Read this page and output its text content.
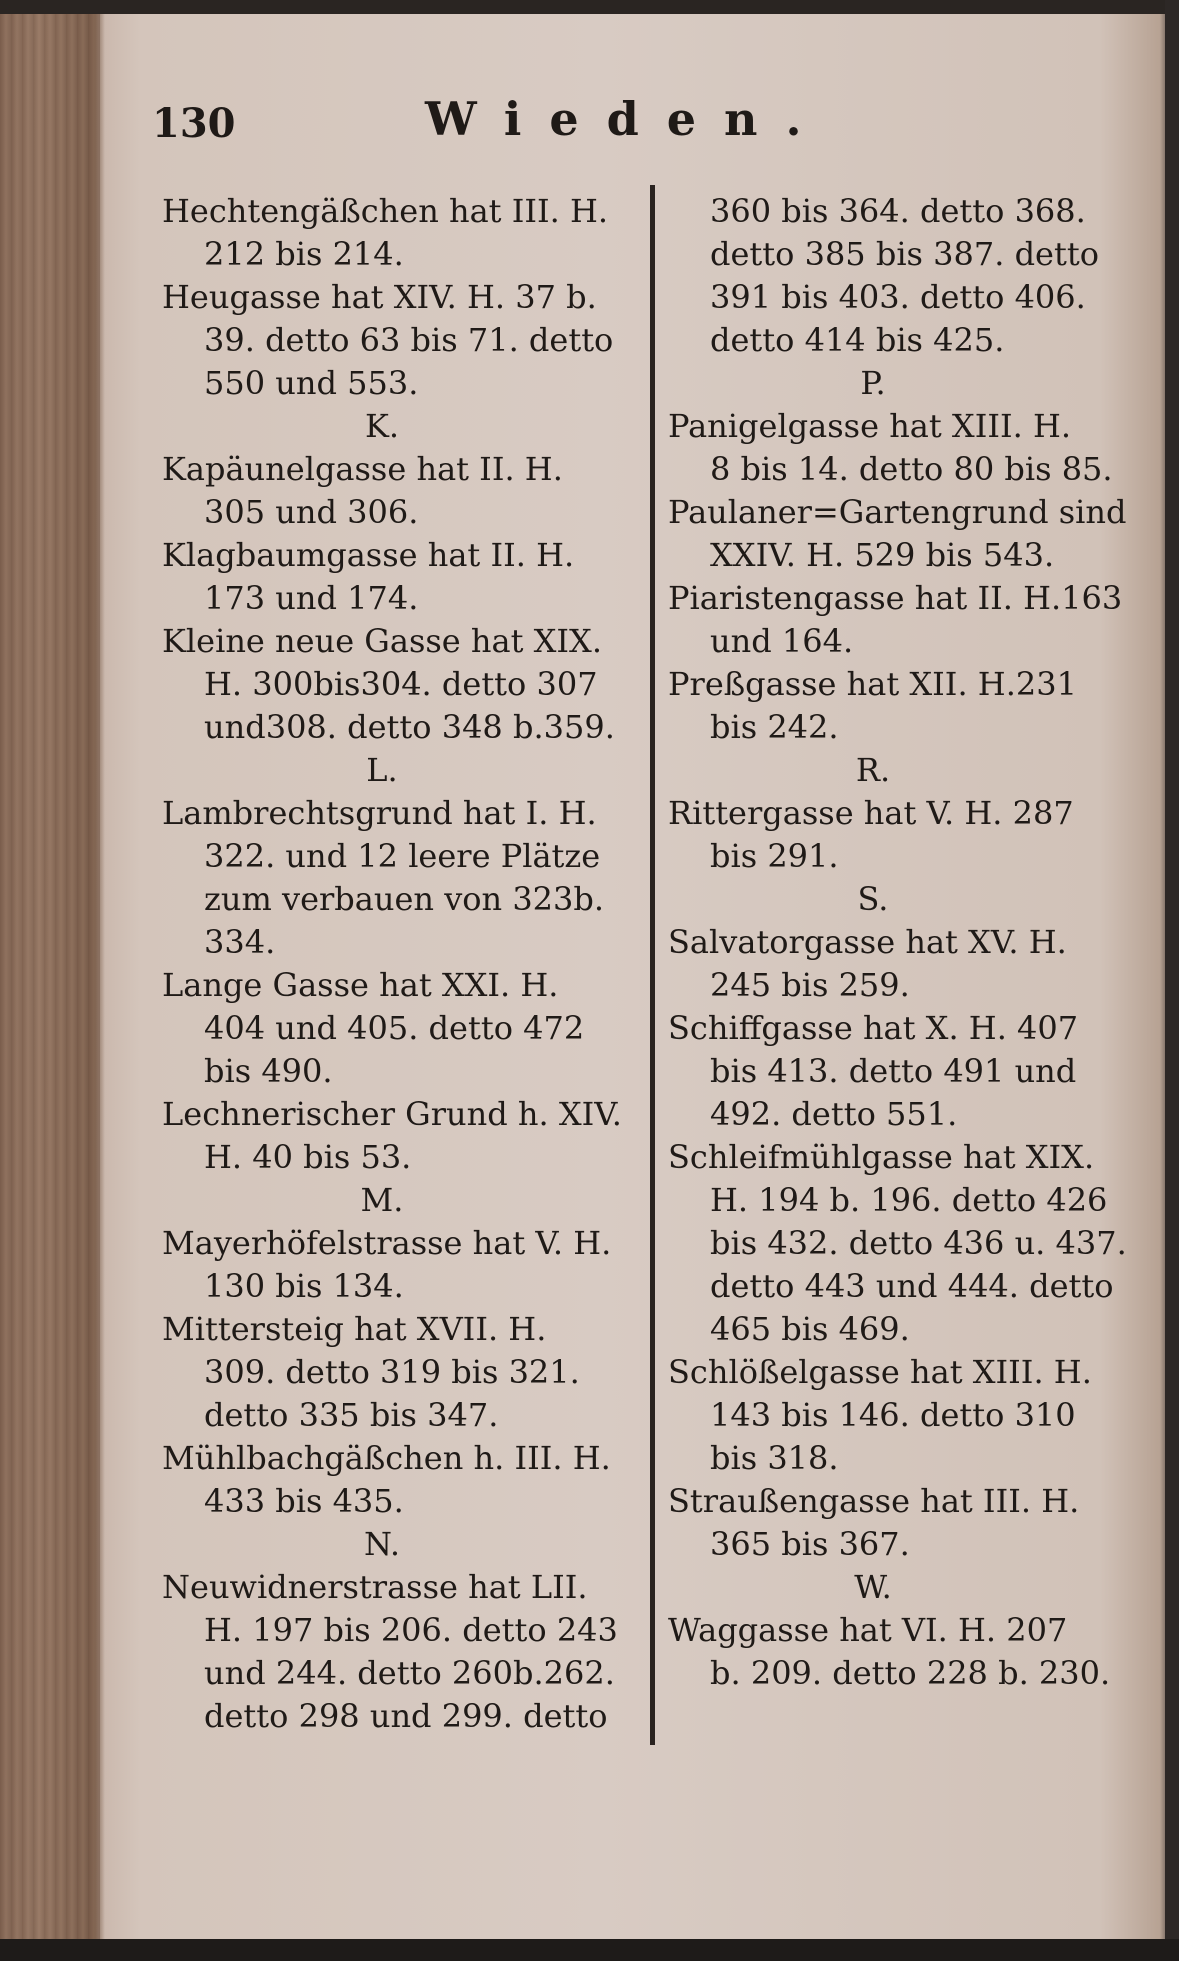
130	Wieden.
Hechtengäßchen hat III. H.
212 bis 214.
Heugasse hat XIV. H. 37 b.
39. detto 63 bis 71. detto
550 und 553.
K.
Kapäunelgasse hat II. H.
305 und 306.
Klagbaumgasse hat II. H.
173 und 174.
Kleine neue Gasse hat XIX.
H. 300bis304. detto 307
und308. detto 348 b.359.
L.
Lambrechtsgrund hat I. H.
322. und 12 leere Plätze
zum verbauen von 323b.
334.
Lange Gasse hat XXI. H.
404 und 405. detto 472
bis 490.
Lechnerischer Grund h. XIV.
H. 40 bis 53.
M.
Mayerhöfelstrasse hat V. H.
130 bis 134.
Mittersteig hat XVII. H.
309. detto 319 bis 321.
detto 335 bis 347.
Mühlbachgäßchen h. III. H.
433 bis 435.
N.
Neuwidnerstrasse hat LII.
H. 197 bis 206. detto 243
und 244. detto 260b.262.
detto 298 und 299. detto
360 bis 364. detto 368.
detto 385 bis 387. detto
391 bis 403. detto 406.
detto 414 bis 425.
P.
Panigelgasse hat XIII. H.
8 bis 14. detto 80 bis 85.
Paulaner=Gartengrund sind
XXIV. H. 529 bis 543.
Piaristengasse hat II. H.163
und 164.
Preßgasse hat XII. H.231
bis 242.
R.
Rittergasse hat V. H. 287
bis 291.
S.
Salvatorgasse hat XV. H.
245 bis 259.
Schiffgasse hat X. H. 407
bis 413. detto 491 und
492. detto 551.
Schleifmühlgasse hat XIX.
H. 194 b. 196. detto 426
bis 432. detto 436 u. 437.
detto 443 und 444. detto
465 bis 469.
Schlößelgasse hat XIII. H.
143 bis 146. detto 310
bis 318.
Straußengasse hat III. H.
365 bis 367.
W.
Waggasse hat VI. H. 207
b. 209. detto 228 b. 230.
